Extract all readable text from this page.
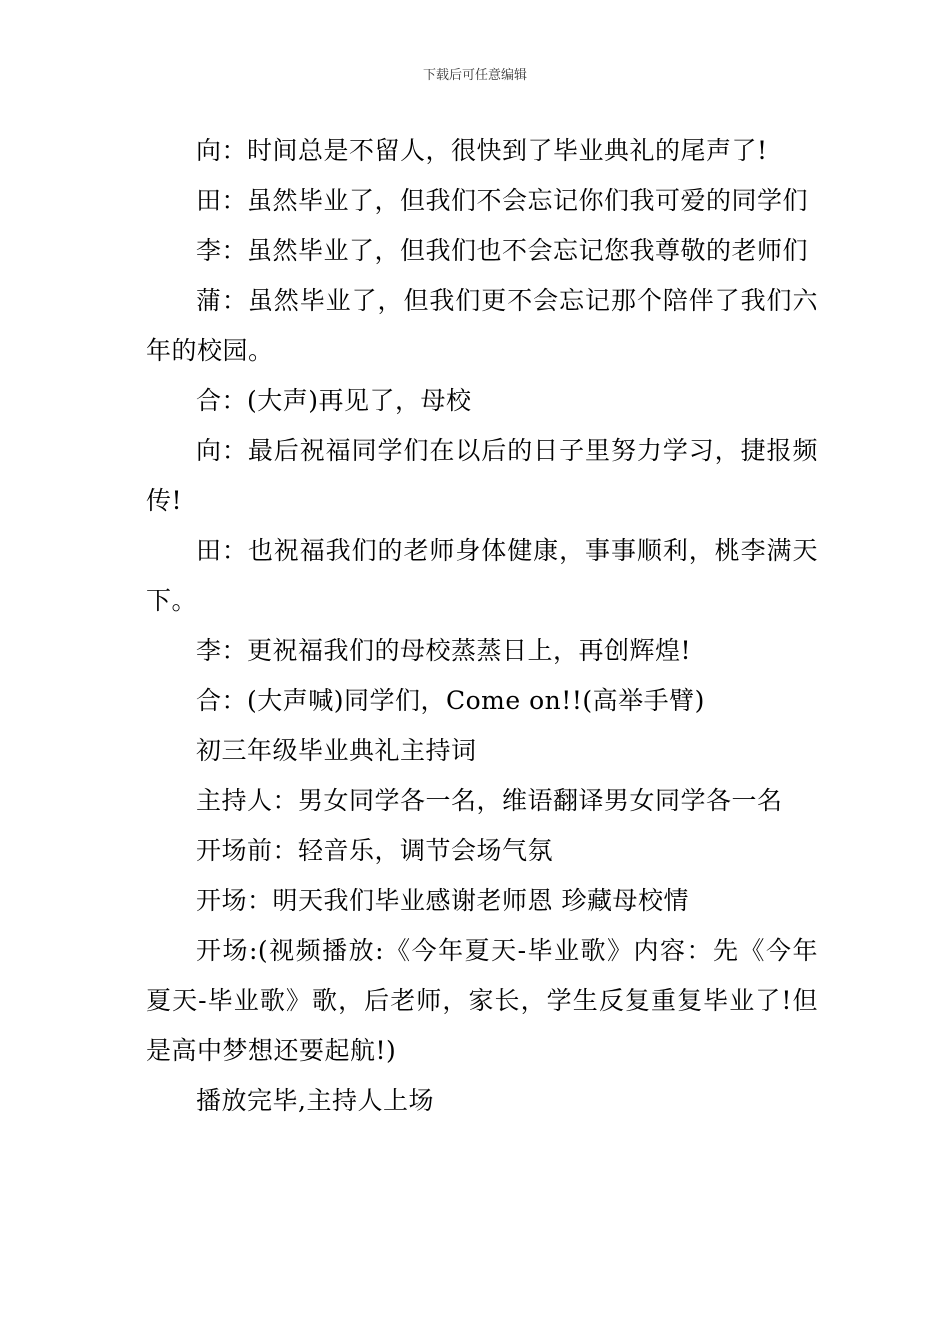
下载后可任意编辑

向：时间总是不留人，很快到了毕业典礼的尾声了!

田：虽然毕业了，但我们不会忘记你们我可爱的同学们

李：虽然毕业了，但我们也不会忘记您我尊敬的老师们

蒲：虽然毕业了，但我们更不会忘记那个陪伴了我们六年的校园。

合：(大声)再见了，母校

向：最后祝福同学们在以后的日子里努力学习，捷报频传!

田：也祝福我们的老师身体健康，事事顺利，桃李满天下。

李：更祝福我们的母校蒸蒸日上，再创辉煌!

合：(大声喊)同学们，Come on!!(高举手臂)

初三年级毕业典礼主持词

主持人：男女同学各一名，维语翻译男女同学各一名

开场前：轻音乐，调节会场气氛

开场：明天我们毕业感谢老师恩 珍藏母校情

开场:(视频播放:《今年夏天-毕业歌》内容：先《今年夏天-毕业歌》歌，后老师，家长，学生反复重复毕业了!但是高中梦想还要起航!)

播放完毕,主持人上场
